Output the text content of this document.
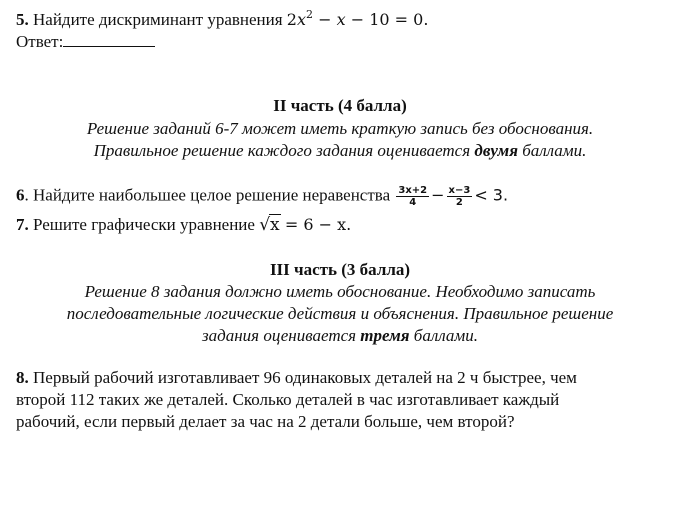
5. Найдите дискриминант уравнения $2x^2 - x - 10 = 0$.
Ответ:
II часть (4 балла)
Решение заданий 6-7 может иметь краткую запись без обоснования.
Правильное решение каждого задания оценивается двумя баллами.
6. Найдите наибольшее целое решение неравенства $\frac{3x+2}{4} - \frac{x-3}{2} < 3$.
7. Решите графически уравнение √x = 6 − x.
III часть (3 балла)
Решение 8 задания должно иметь обоснование. Необходимо записать
последовательные логические действия и объяснения. Правильное решение
задания оценивается тремя баллами.
8. Первый рабочий изготавливает 96 одинаковых деталей на 2 ч быстрее, чем
второй 112 таких же деталей. Сколько деталей в час изготавливает каждый
рабочий, если первый делает за час на 2 детали больше, чем второй?
